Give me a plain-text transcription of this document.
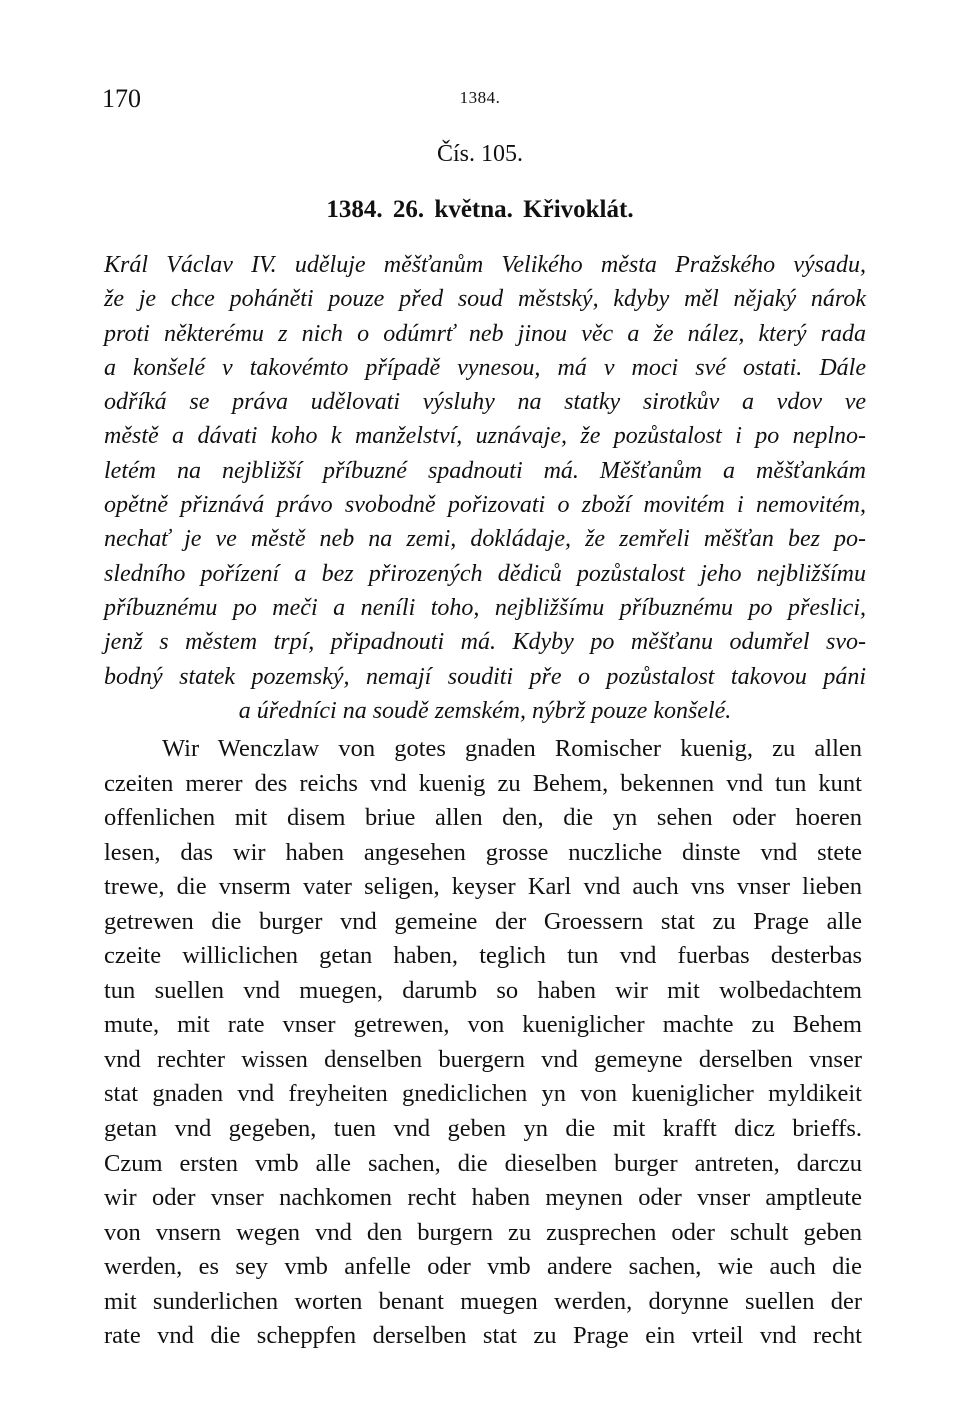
170	1384.
Čís. 105.
1384. 26. května. Křivoklát.
Král Václav IV. uděluje měšťanům Velikého města Pražského výsadu,
že je chce poháněti pouze před soud městský, kdyby měl nějaký nárok
proti některému z nich o odúmrť neb jinou věc a že nález, který rada
a konšelé v takovémto případě vynesou, má v moci své ostati. Dále
odříká se práva udělovati výsluhy na statky sirotkův a vdov ve
městě a dávati koho k manželství, uznávaje, že pozůstalost i po neplno-
letém na nejbližší příbuzné spadnouti má. Měšťanům a měšťankám
opětně přiznává právo svobodně pořizovati o zboží movitém i nemovitém,
nechať je ve městě neb na zemi, dokládaje, že zemřeli měšťan bez po-
sledního pořízení a bez přirozených dědiců pozůstalost jeho nejbližšímu
příbuznému po meči a neníli toho, nejbližšímu příbuznému po přeslici,
jenž s městem trpí, připadnouti má. Kdyby po měšťanu odumřel svo-
bodný statek pozemský, nemají souditi pře o pozůstalost takovou páni
a úředníci na soudě zemském, nýbrž pouze konšelé.
Wir Wenczlaw von gotes gnaden Romischer kuenig, zu allen
czeiten merer des reichs vnd kuenig zu Behem, bekennen vnd tun kunt
offenlichen mit disem briue allen den, die yn sehen oder hoeren
lesen, das wir haben angesehen grosse nuczliche dinste vnd stete
trewe, die vnserm vater seligen, keyser Karl vnd auch vns vnser lieben
getrewen die burger vnd gemeine der Groessern stat zu Prage alle
czeite williclichen getan haben, teglich tun vnd fuerbas desterbas
tun suellen vnd muegen, darumb so haben wir mit wolbedachtem
mute, mit rate vnser getrewen, von kueniglicher machte zu Behem
vnd rechter wissen denselben buergern vnd gemeyne derselben vnser
stat gnaden vnd freyheiten gnediclichen yn von kueniglicher myldikeit
getan vnd gegeben, tuen vnd geben yn die mit krafft dicz brieffs.
Czum ersten vmb alle sachen, die dieselben burger antreten, darczu
wir oder vnser nachkomen recht haben meynen oder vnser amptleute
von vnsern wegen vnd den burgern zu zusprechen oder schult geben
werden, es sey vmb anfelle oder vmb andere sachen, wie auch die
mit sunderlichen worten benant muegen werden, dorynne suellen der
rate vnd die scheppfen derselben stat zu Prage ein vrteil vnd recht
